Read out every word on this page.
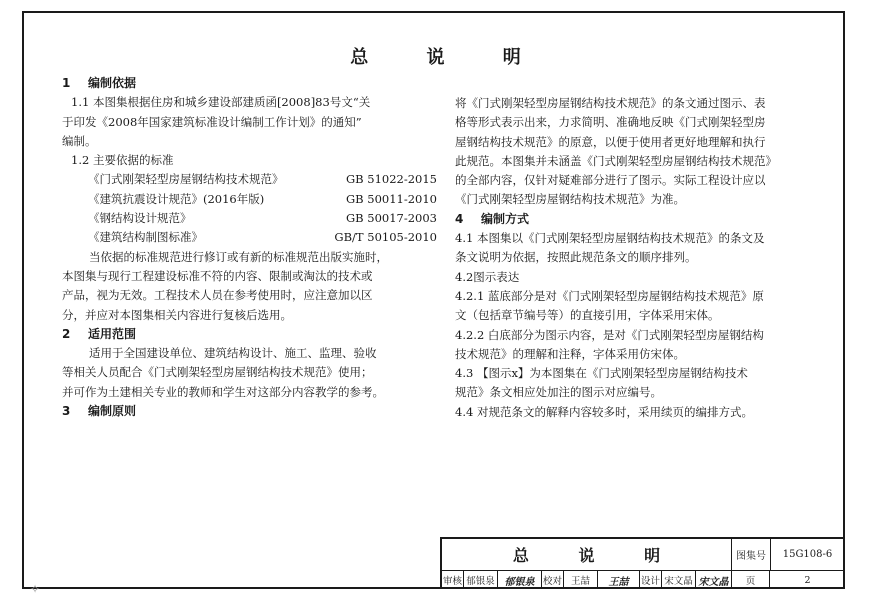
总 说 明

1 编制依据

1.1 本图集根据住房和城乡建设部建质函[2008]83号文“关

于印发《2008年国家建筑标准设计编制工作计划》的通知”

编制。

1.2 主要依据的标准

《门式刚架轻型房屋钢结构技术规范》	GB 51022-2015

《建筑抗震设计规范》(2016年版)	GB 50011-2010

《钢结构设计规范》	GB 50017-2003

《建筑结构制图标准》	GB/T 50105-2010

当依据的标准规范进行修订或有新的标准规范出版实施时，

本图集与现行工程建设标准不符的内容、限制或淘汰的技术或

产品，视为无效。工程技术人员在参考使用时，应注意加以区

分，并应对本图集相关内容进行复核后选用。

2 适用范围

适用于全国建设单位、建筑结构设计、施工、监理、验收

等相关人员配合《门式刚架轻型房屋钢结构技术规范》使用；

并可作为土建相关专业的教师和学生对这部分内容教学的参考。

3 编制原则

将《门式刚架轻型房屋钢结构技术规范》的条文通过图示、表

格等形式表示出来，力求简明、准确地反映《门式刚架轻型房

屋钢结构技术规范》的原意，以便于使用者更好地理解和执行

此规范。本图集并未涵盖《门式刚架轻型房屋钢结构技术规范》

的全部内容，仅针对疑难部分进行了图示。实际工程设计应以

《门式刚架轻型房屋钢结构技术规范》为准。

4 编制方式

4.1 本图集以《门式刚架轻型房屋钢结构技术规范》的条文及

条文说明为依据，按照此规范条文的顺序排列。

4.2图示表达

4.2.1 蓝底部分是对《门式刚架轻型房屋钢结构技术规范》原

文（包括章节编号等）的直接引用，字体采用宋体。

4.2.2 白底部分为图示内容，是对《门式刚架轻型房屋钢结构

技术规范》的理解和注释，字体采用仿宋体。

4.3 【图示x】为本图集在《门式刚架轻型房屋钢结构技术

规范》条文相应处加注的图示对应编号。

4.4 对规范条文的解释内容较多时，采用续页的编排方式。

总 说 明	图集号	15G108-6
审核 郁银泉 郁银泉 校对 王喆	王喆 设计 宋文晶 宋文晶	页	2
✧
